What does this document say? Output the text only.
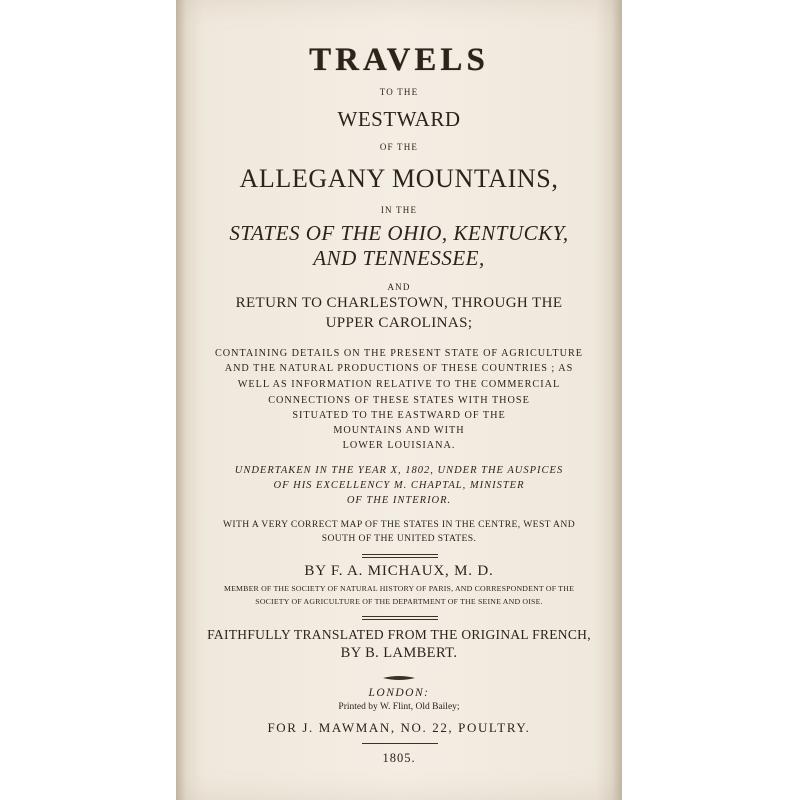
TRAVELS

TO THE

WESTWARD

OF THE

ALLEGANY MOUNTAINS,

IN THE

STATES OF THE OHIO, KENTUCKY,

AND TENNESSEE,

AND

RETURN TO CHARLESTOWN, THROUGH THE

UPPER CAROLINAS;

CONTAINING DETAILS ON THE PRESENT STATE OF AGRICULTURE

AND THE NATURAL PRODUCTIONS OF THESE COUNTRIES ; AS

WELL AS INFORMATION RELATIVE TO THE COMMERCIAL

CONNECTIONS OF THESE STATES WITH THOSE

SITUATED TO THE EASTWARD OF THE

MOUNTAINS AND WITH

LOWER LOUISIANA.

UNDERTAKEN IN THE YEAR X, 1802, UNDER THE AUSPICES

OF HIS EXCELLENCY M. CHAPTAL, MINISTER

OF THE INTERIOR.

WITH A VERY CORRECT MAP OF THE STATES IN THE CENTRE, WEST AND

SOUTH OF THE UNITED STATES.

BY F. A. MICHAUX, M. D.

MEMBER OF THE SOCIETY OF NATURAL HISTORY OF PARIS, AND CORRESPONDENT OF THE

SOCIETY OF AGRICULTURE OF THE DEPARTMENT OF THE SEINE AND OISE.

FAITHFULLY TRANSLATED FROM THE ORIGINAL FRENCH,

BY B. LAMBERT.

LONDON:

Printed by W. Flint, Old Bailey;

FOR J. MAWMAN, NO. 22, POULTRY.

1805.
